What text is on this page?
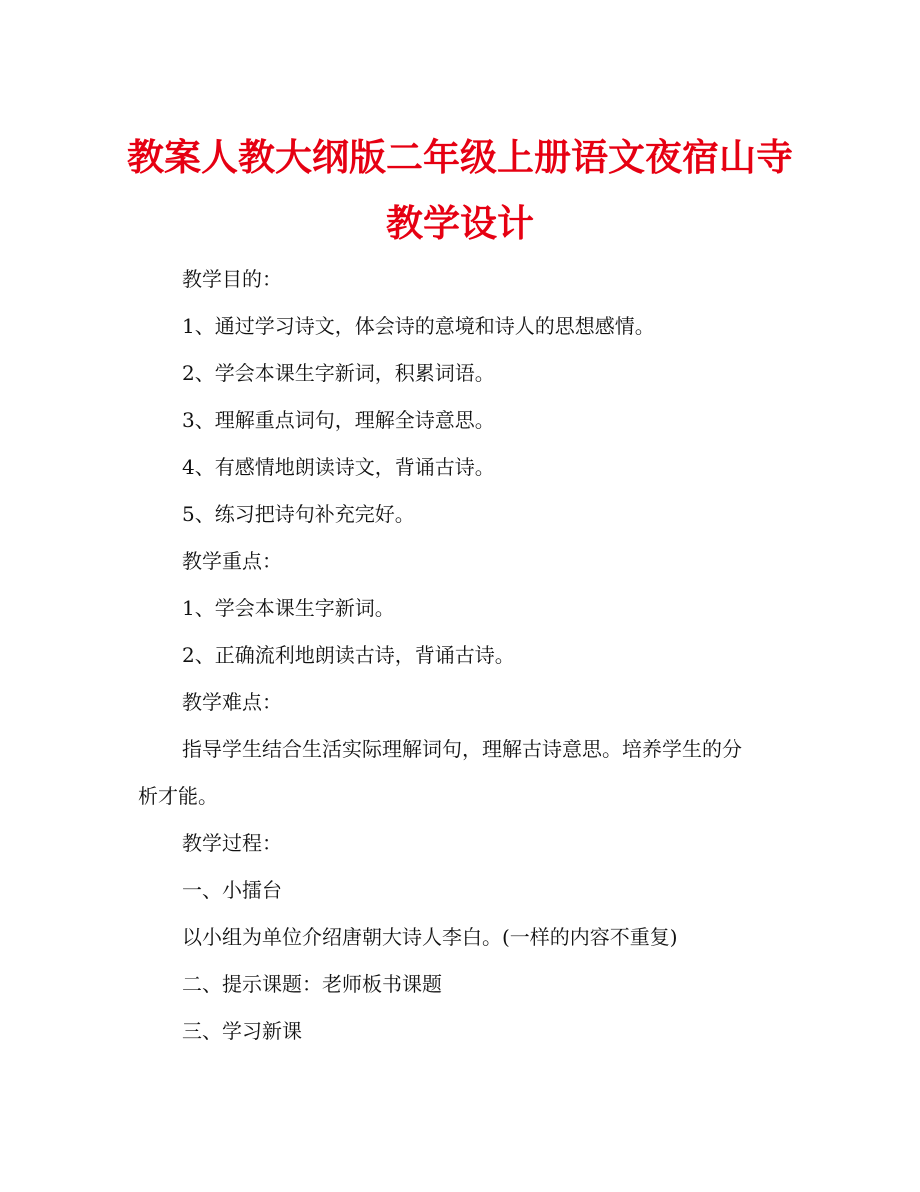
教案人教大纲版二年级上册语文夜宿山寺
教学设计

教学目的：

1、通过学习诗文，体会诗的意境和诗人的思想感情。

2、学会本课生字新词，积累词语。

3、理解重点词句，理解全诗意思。

4、有感情地朗读诗文，背诵古诗。

5、练习把诗句补充完好。

教学重点：

1、学会本课生字新词。

2、正确流利地朗读古诗，背诵古诗。

教学难点：

指导学生结合生活实际理解词句，理解古诗意思。培养学生的分

析才能。

教学过程：

一、小擂台

以小组为单位介绍唐朝大诗人李白。(一样的内容不重复)

二、提示课题：老师板书课题

三、学习新课
